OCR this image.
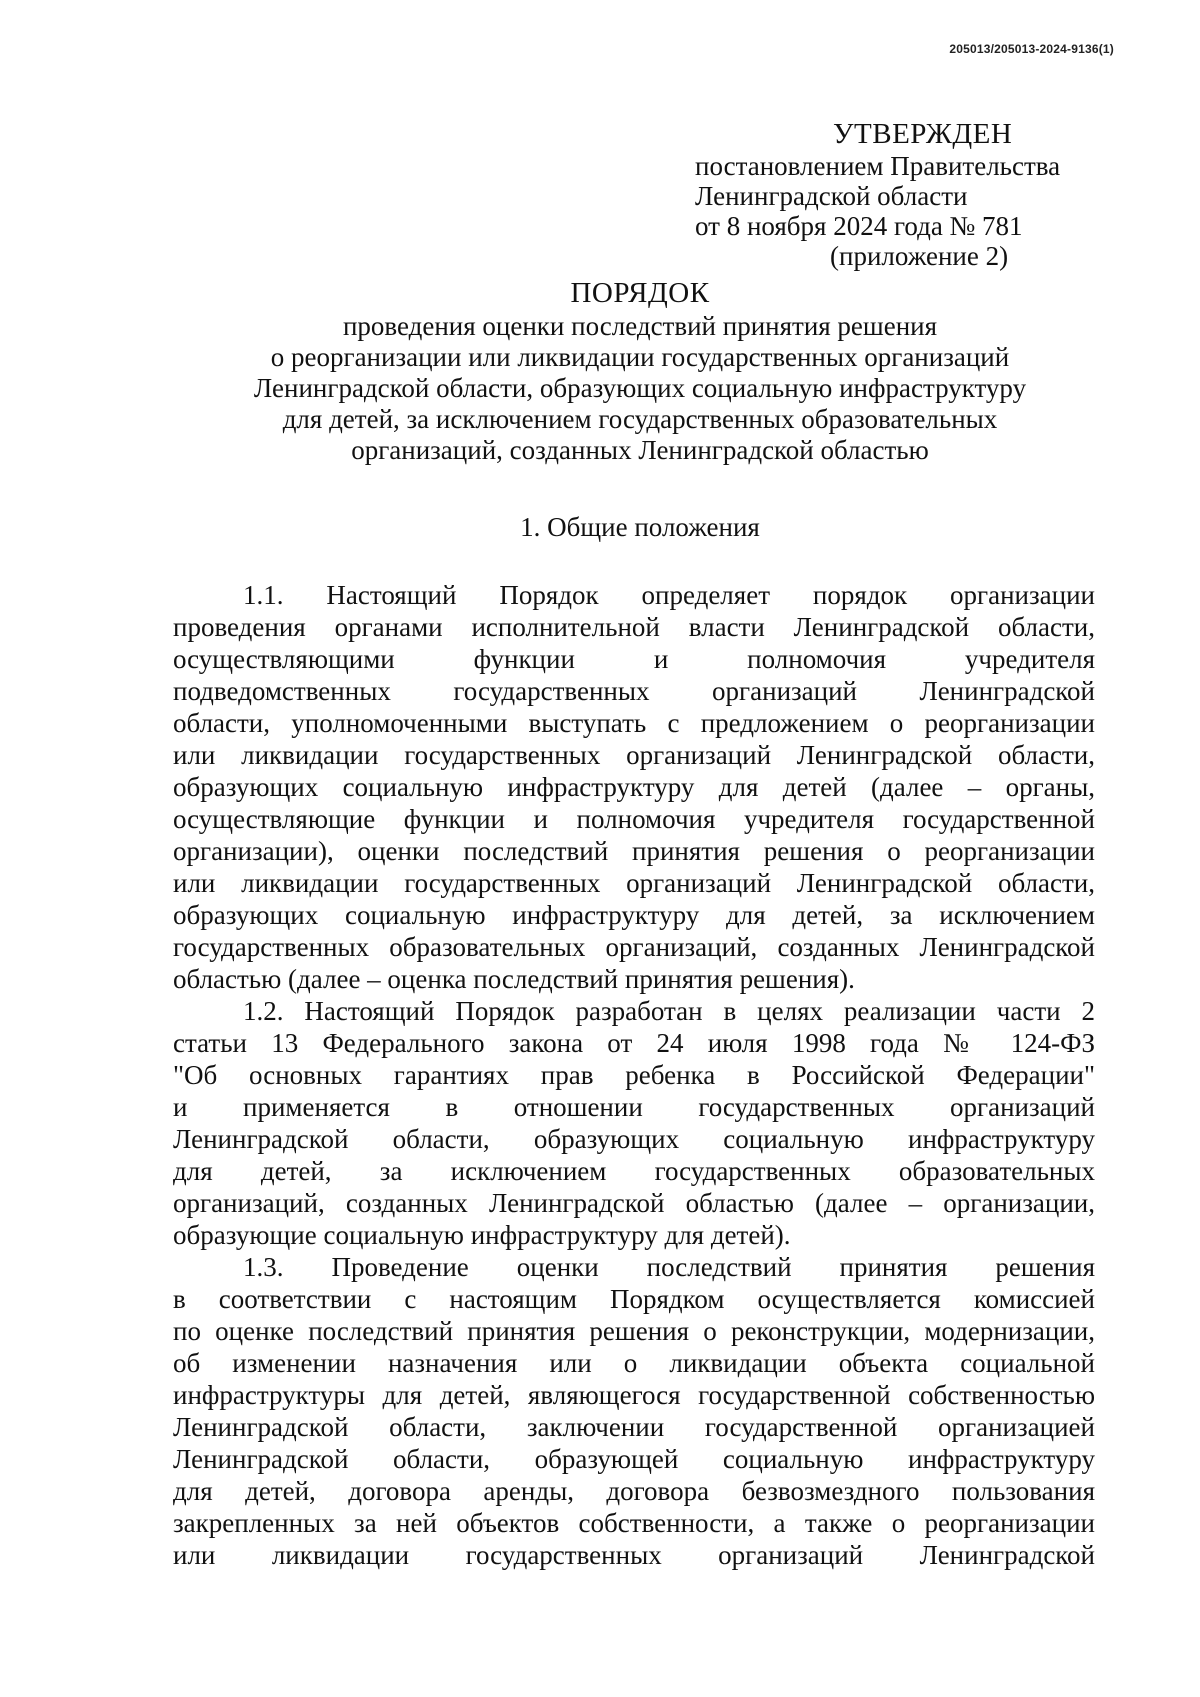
205013/205013-2024-9136(1)
УТВЕРЖДЕН
постановлением Правительства
Ленинградской области
от 8 ноября 2024 года № 781
(приложение 2)
ПОРЯДОК
проведения оценки последствий принятия решения
о реорганизации или ликвидации государственных организаций
Ленинградской области, образующих социальную инфраструктуру
для детей, за исключением государственных образовательных
организаций, созданных Ленинградской областью
1. Общие положения
1.1. Настоящий Порядок определяет порядок организации
проведения органами исполнительной власти Ленинградской области,
осуществляющими функции и полномочия учредителя
подведомственных государственных организаций Ленинградской
области, уполномоченными выступать с предложением о реорганизации
или ликвидации государственных организаций Ленинградской области,
образующих социальную инфраструктуру для детей (далее – органы,
осуществляющие функции и полномочия учредителя государственной
организации), оценки последствий принятия решения о реорганизации
или ликвидации государственных организаций Ленинградской области,
образующих социальную инфраструктуру для детей, за исключением
государственных образовательных организаций, созданных Ленинградской
областью (далее – оценка последствий принятия решения).
1.2. Настоящий Порядок разработан в целях реализации части 2
статьи 13 Федерального закона от 24 июля 1998 года № 124-ФЗ
"Об основных гарантиях прав ребенка в Российской Федерации"
и применяется в отношении государственных организаций
Ленинградской области, образующих социальную инфраструктуру
для детей, за исключением государственных образовательных
организаций, созданных Ленинградской областью (далее – организации,
образующие социальную инфраструктуру для детей).
1.3. Проведение оценки последствий принятия решения
в соответствии с настоящим Порядком осуществляется комиссией
по оценке последствий принятия решения о реконструкции, модернизации,
об изменении назначения или о ликвидации объекта социальной
инфраструктуры для детей, являющегося государственной собственностью
Ленинградской области, заключении государственной организацией
Ленинградской области, образующей социальную инфраструктуру
для детей, договора аренды, договора безвозмездного пользования
закрепленных за ней объектов собственности, а также о реорганизации
или ликвидации государственных организаций Ленинградской
